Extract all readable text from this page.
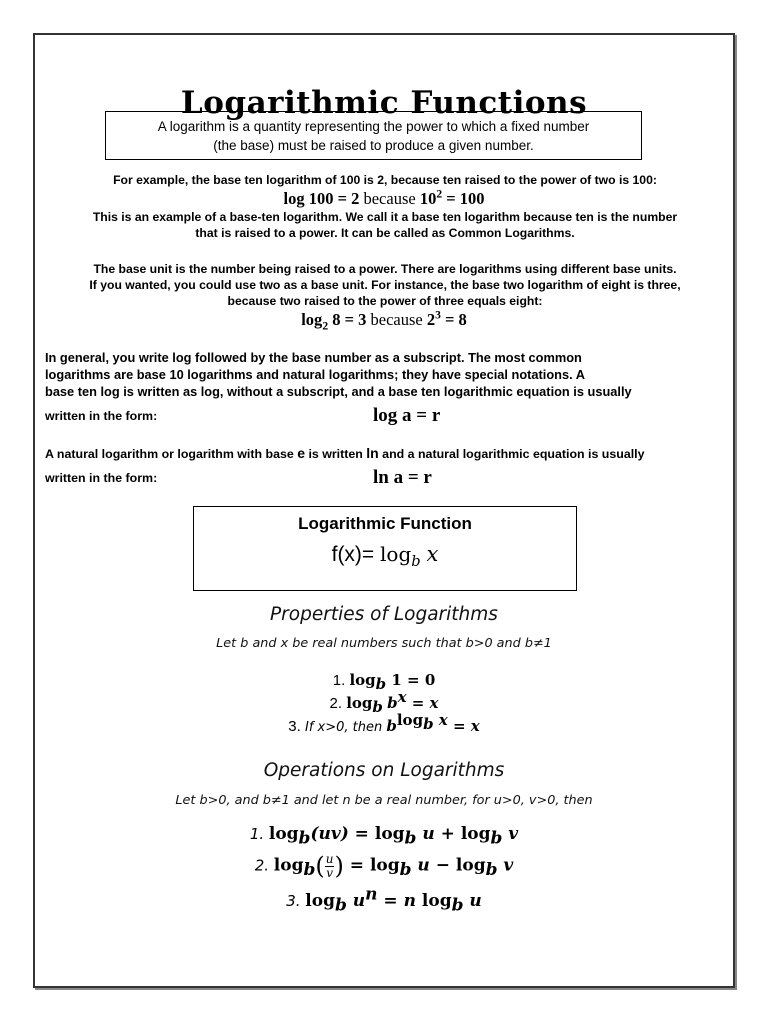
Logarithmic Functions
A logarithm is a quantity representing the power to which a fixed number
(the base) must be raised to produce a given number.
For example, the base ten logarithm of 100 is 2, because ten raised to the power of two is 100:
log 100 = 2 because $10^2 = 100$
This is an example of a base-ten logarithm. We call it a base ten logarithm because ten is the number
that is raised to a power. It can be called as Common Logarithms.
The base unit is the number being raised to a power. There are logarithms using different base units.
If you wanted, you could use two as a base unit. For instance, the base two logarithm of eight is three,
because two raised to the power of three equals eight:
$\log_2 8 = 3$ because $2^3 = 8$
In general, you write log followed by the base number as a subscript. The most common
logarithms are base 10 logarithms and natural logarithms; they have special notations. A
base ten log is written as log, without a subscript, and a base ten logarithmic equation is usually
written in the form:	log a = r
A natural logarithm or logarithm with base e is written ln and a natural logarithmic equation is usually
written in the form:	ln a = r
Logarithmic Function
$f(x)= \log_b x$
Properties of Logarithms
Let b and x be real numbers such that b>0 and b≠1
1. $\log_b 1 = 0$
2. $\log_b b^x = x$
3. If x>0, then $b^{log_b x} = x$
Operations on Logarithms
Let b>0, and b≠1 and let n be a real number, for u>0, v>0, then
1. $\log_b(uv) = \log_b u + \log_b v$
2. $\log_b( \frac{u}{v}$ ) = $\log_b u - \log_b v$
3. $\log_b u^n = n$ $\log_b u$
